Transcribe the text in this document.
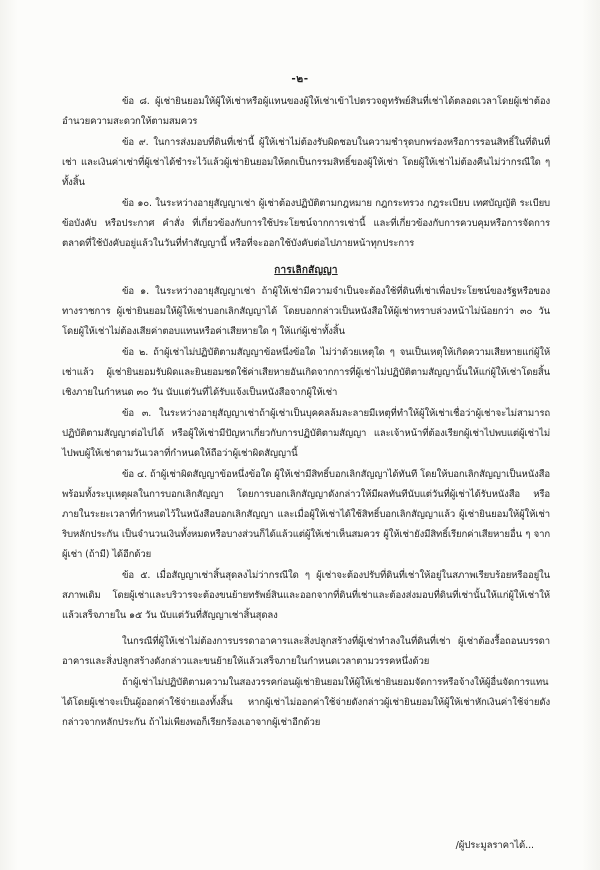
-๒-

ข้อ ๘. ผู้เช่ายินยอมให้ผู้ให้เช่าหรือผู้แทนของผู้ให้เช่าเข้าไปตรวจดูทรัพย์สินที่เช่าได้ตลอดเวลาโดยผู้เช่าต้องอำนวยความสะดวกให้ตามสมควร

ข้อ ๙. ในการส่งมอบที่ดินที่เช่านี้ ผู้ให้เช่าไม่ต้องรับผิดชอบในความชำรุดบกพร่องหรือการรอนสิทธิ์ในที่ดินที่เช่า และเงินค่าเช่าที่ผู้เช่าได้ชำระไว้แล้วผู้เช่ายินยอมให้ตกเป็นกรรมสิทธิ์ของผู้ให้เช่า โดยผู้ให้เช่าไม่ต้องคืนไม่ว่ากรณีใด ๆ ทั้งสิ้น

ข้อ ๑๐. ในระหว่างอายุสัญญาเช่า ผู้เช่าต้องปฏิบัติตามกฎหมาย กฎกระทรวง กฎระเบียบ เทศบัญญัติ ระเบียบข้อบังคับ หรือประกาศ คำสั่ง ที่เกี่ยวข้องกับการใช้ประโยชน์จากการเช่านี้ และที่เกี่ยวข้องกับการควบคุมหรือการจัดการตลาดที่ใช้บังคับอยู่แล้วในวันที่ทำสัญญานี้ หรือที่จะออกใช้บังคับต่อไปภายหน้าทุกประการ

การเลิกสัญญา

ข้อ ๑. ในระหว่างอายุสัญญาเช่า ถ้าผู้ให้เช่ามีความจำเป็นจะต้องใช้ที่ดินที่เช่าเพื่อประโยชน์ของรัฐหรือของทางราชการ ผู้เช่ายินยอมให้ผู้ให้เช่าบอกเลิกสัญญาได้ โดยบอกกล่าวเป็นหนังสือให้ผู้เช่าทราบล่วงหน้าไม่น้อยกว่า ๓๐ วัน โดยผู้ให้เช่าไม่ต้องเสียค่าตอบแทนหรือค่าเสียหายใด ๆ ให้แก่ผู้เช่าทั้งสิ้น

ข้อ ๒. ถ้าผู้เช่าไม่ปฏิบัติตามสัญญาข้อหนึ่งข้อใด ไม่ว่าด้วยเหตุใด ๆ จนเป็นเหตุให้เกิดความเสียหายแก่ผู้ให้เช่าแล้ว ผู้เช่ายินยอมรับผิดและยินยอมชดใช้ค่าเสียหายอันเกิดจากการที่ผู้เช่าไม่ปฏิบัติตามสัญญานั้นให้แก่ผู้ให้เช่าโดยสิ้นเชิงภายในกำหนด ๓๐ วัน นับแต่วันที่ได้รับแจ้งเป็นหนังสือจากผู้ให้เช่า

ข้อ ๓. ในระหว่างอายุสัญญาเช่าถ้าผู้เช่าเป็นบุคคลล้มละลายมีเหตุที่ทำให้ผู้ให้เช่าเชื่อว่าผู้เช่าจะไม่สามารถปฏิบัติตามสัญญาต่อไปได้ หรือผู้ให้เช่ามีปัญหาเกี่ยวกับการปฏิบัติตามสัญญา และเจ้าหน้าที่ต้องเรียกผู้เช่าไปพบแต่ผู้เช่าไม่ไปพบผู้ให้เช่าตามวันเวลาที่กำหนดให้ถือว่าผู้เช่าผิดสัญญานี้

ข้อ ๔. ถ้าผู้เช่าผิดสัญญาข้อหนึ่งข้อใด ผู้ให้เช่ามีสิทธิ์บอกเลิกสัญญาได้ทันที โดยให้บอกเลิกสัญญาเป็นหนังสือ พร้อมทั้งระบุเหตุผลในการบอกเลิกสัญญา โดยการบอกเลิกสัญญาดังกล่าวให้มีผลทันทีนับแต่วันที่ผู้เช่าได้รับหนังสือ หรือภายในระยะเวลาที่กำหนดไว้ในหนังสือบอกเลิกสัญญา และเมื่อผู้ให้เช่าได้ใช้สิทธิ์บอกเลิกสัญญาแล้ว ผู้เช่ายินยอมให้ผู้ให้เช่าริบหลักประกัน เป็นจำนวนเงินทั้งหมดหรือบางส่วนก็ได้แล้วแต่ผู้ให้เช่าเห็นสมควร ผู้ให้เช่ายังมีสิทธิ์เรียกค่าเสียหายอื่น ๆ จากผู้เช่า (ถ้ามี) ได้อีกด้วย

ข้อ ๕. เมื่อสัญญาเช่าสิ้นสุดลงไม่ว่ากรณีใด ๆ ผู้เช่าจะต้องปรับที่ดินที่เช่าให้อยู่ในสภาพเรียบร้อยหรืออยู่ในสภาพเดิม โดยผู้เช่าและบริวารจะต้องขนย้ายทรัพย์สินและออกจากที่ดินที่เช่าและต้องส่งมอบที่ดินที่เช่านั้นให้แก่ผู้ให้เช่าให้แล้วเสร็จภายใน ๑๕ วัน นับแต่วันที่สัญญาเช่าสิ้นสุดลง

ในกรณีที่ผู้ให้เช่าไม่ต้องการบรรดาอาคารและสิ่งปลูกสร้างที่ผู้เช่าทำลงในที่ดินที่เช่า ผู้เช่าต้องรื้อถอนบรรดาอาคารและสิ่งปลูกสร้างดังกล่าวและขนย้ายให้แล้วเสร็จภายในกำหนดเวลาตามวรรคหนึ่งด้วย

ถ้าผู้เช่าไม่ปฏิบัติตามความในสองวรรคก่อนผู้เช่ายินยอมให้ผู้ให้เช่ายินยอมจัดการหรือจ้างให้ผู้อื่นจัดการแทนได้โดยผู้เช่าจะเป็นผู้ออกค่าใช้จ่ายเองทั้งสิ้น หากผู้เช่าไม่ออกค่าใช้จ่ายดังกล่าวผู้เช่ายินยอมให้ผู้ให้เช่าหักเงินค่าใช้จ่ายดังกล่าวจากหลักประกัน ถ้าไม่เพียงพอก็เรียกร้องเอาจากผู้เช่าอีกด้วย

/ผู้ประมูลราคาได้...
